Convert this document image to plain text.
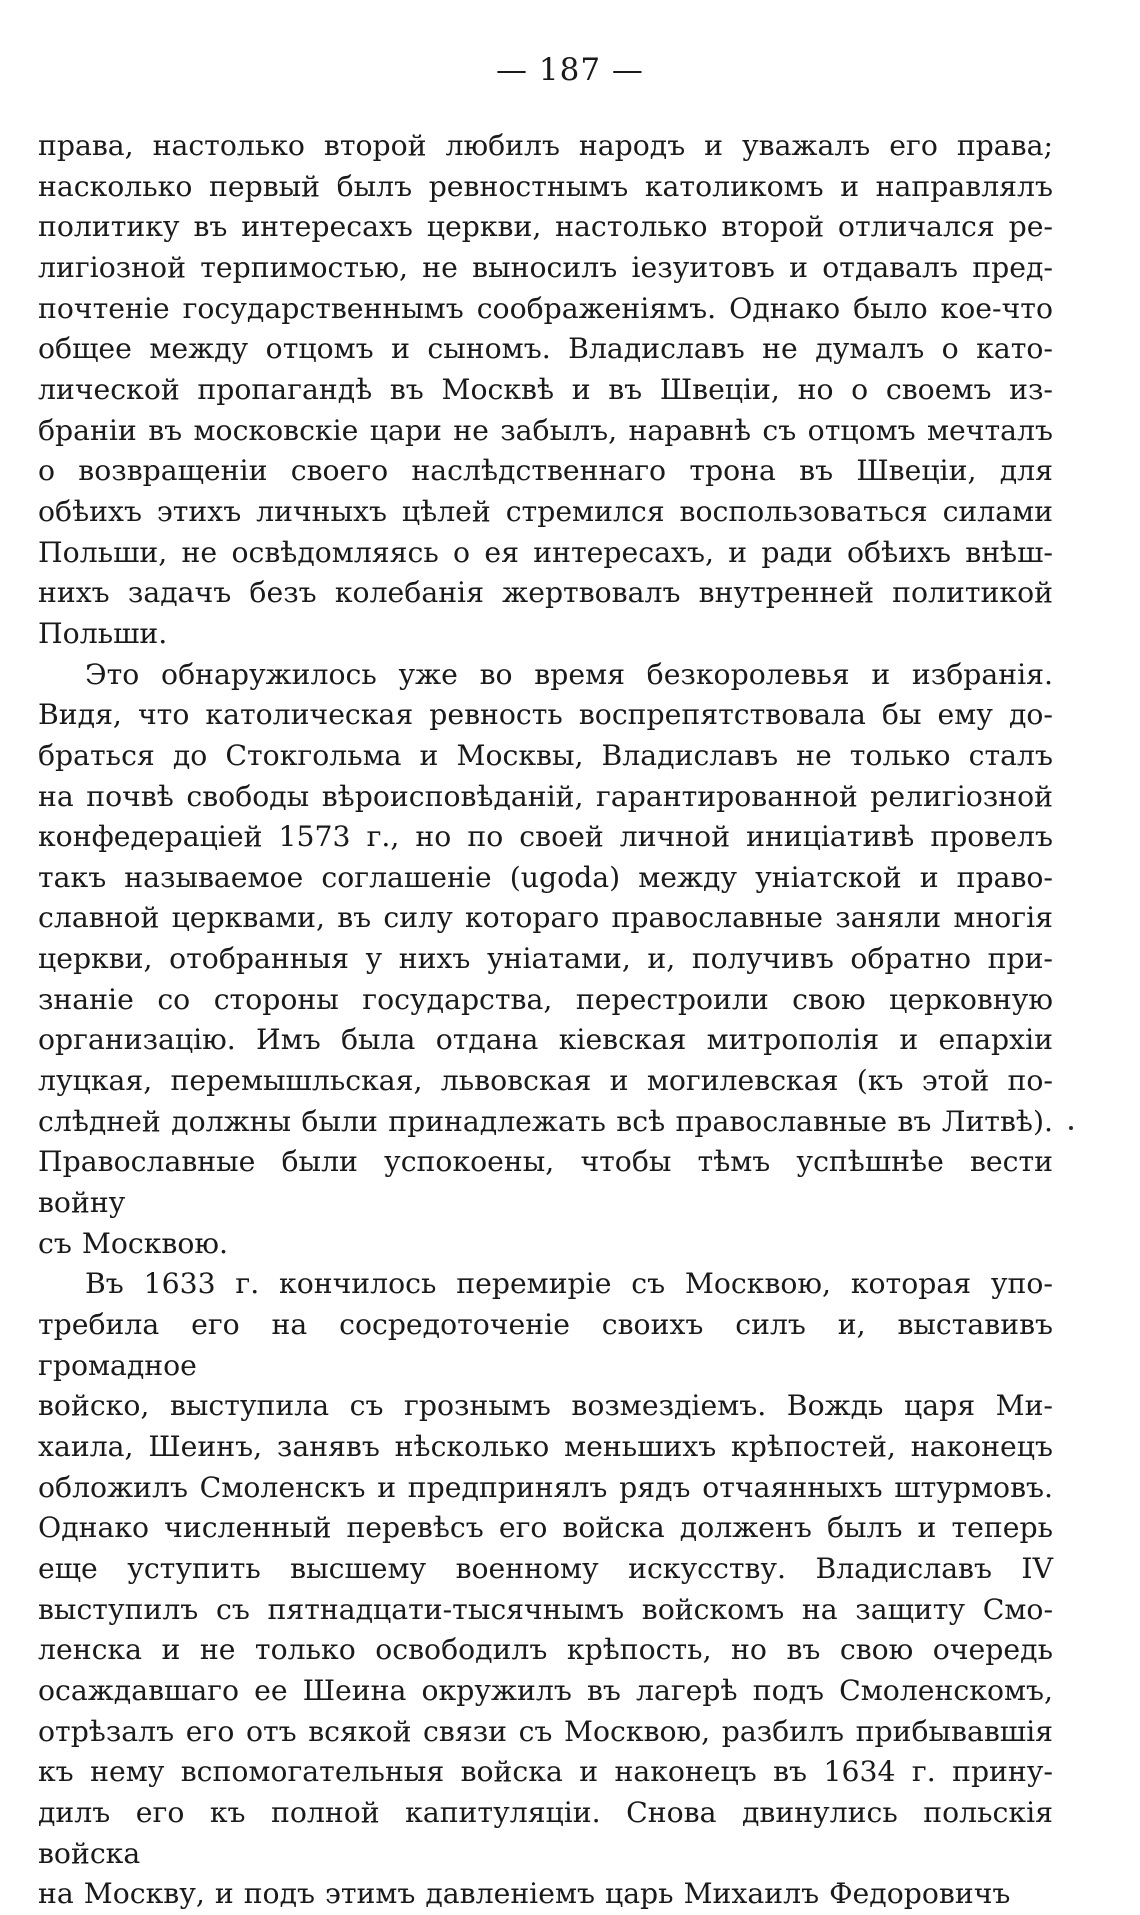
— 187 —
права, настолько второй любилъ народъ и уважалъ его права;
насколько первый былъ ревностнымъ католикомъ и направлялъ
политику въ интересахъ церкви, настолько второй отличался ре-
лигіозной терпимостью, не выносилъ іезуитовъ и отдавалъ пред-
почтеніе государственнымъ соображеніямъ. Однако было кое-что
общее между отцомъ и сыномъ. Владиславъ не думалъ о като-
лической пропагандѣ въ Москвѣ и въ Швеціи, но о своемъ из-
браніи въ московскіе цари не забылъ, наравнѣ съ отцомъ мечталъ
о возвращеніи своего наслѣдственнаго трона въ Швеціи, для
обѣихъ этихъ личныхъ цѣлей стремился воспользоваться силами
Польши, не освѣдомляясь о ея интересахъ, и ради обѣихъ внѣш-
нихъ задачъ безъ колебанія жертвовалъ внутренней политикой
Польши.
Это обнаружилось уже во время безкоролевья и избранія.
Видя, что католическая ревность воспрепятствовала бы ему до-
браться до Стокгольма и Москвы, Владиславъ не только сталъ
на почвѣ свободы вѣроисповѣданій, гарантированной религіозной
конфедераціей 1573 г., но по своей личной иниціативѣ провелъ
такъ называемое соглашеніе (ugoda) между уніатской и право-
славной церквами, въ силу котораго православные заняли многія
церкви, отобранныя у нихъ уніатами, и, получивъ обратно при-
знаніе со стороны государства, перестроили свою церковную
организацію. Имъ была отдана кіевская митрополія и епархіи
луцкая, перемышльская, львовская и могилевская (къ этой по-
слѣдней должны были принадлежать всѣ православные въ Литвѣ).
Православные были успокоены, чтобы тѣмъ успѣшнѣе вести войну
съ Москвою.
Въ 1633 г. кончилось перемиріе съ Москвою, которая упо-
требила его на сосредоточеніе своихъ силъ и, выставивъ громадное
войско, выступила съ грознымъ возмездіемъ. Вождь царя Ми-
хаила, Шеинъ, занявъ нѣсколько меньшихъ крѣпостей, наконецъ
обложилъ Смоленскъ и предпринялъ рядъ отчаянныхъ штурмовъ.
Однако численный перевѣсъ его войска долженъ былъ и теперь
еще уступить высшему военному искусству. Владиславъ IV
выступилъ съ пятнадцати-тысячнымъ войскомъ на защиту Смо-
ленска и не только освободилъ крѣпость, но въ свою очередь
осаждавшаго ее Шеина окружилъ въ лагерѣ подъ Смоленскомъ,
отрѣзалъ его отъ всякой связи съ Москвою, разбилъ прибывавшія
къ нему вспомогательныя войска и наконецъ въ 1634 г. прину-
дилъ его къ полной капитуляціи. Снова двинулись польскія войска
на Москву, и подъ этимъ давленіемъ царь Михаилъ Федоровичъ
